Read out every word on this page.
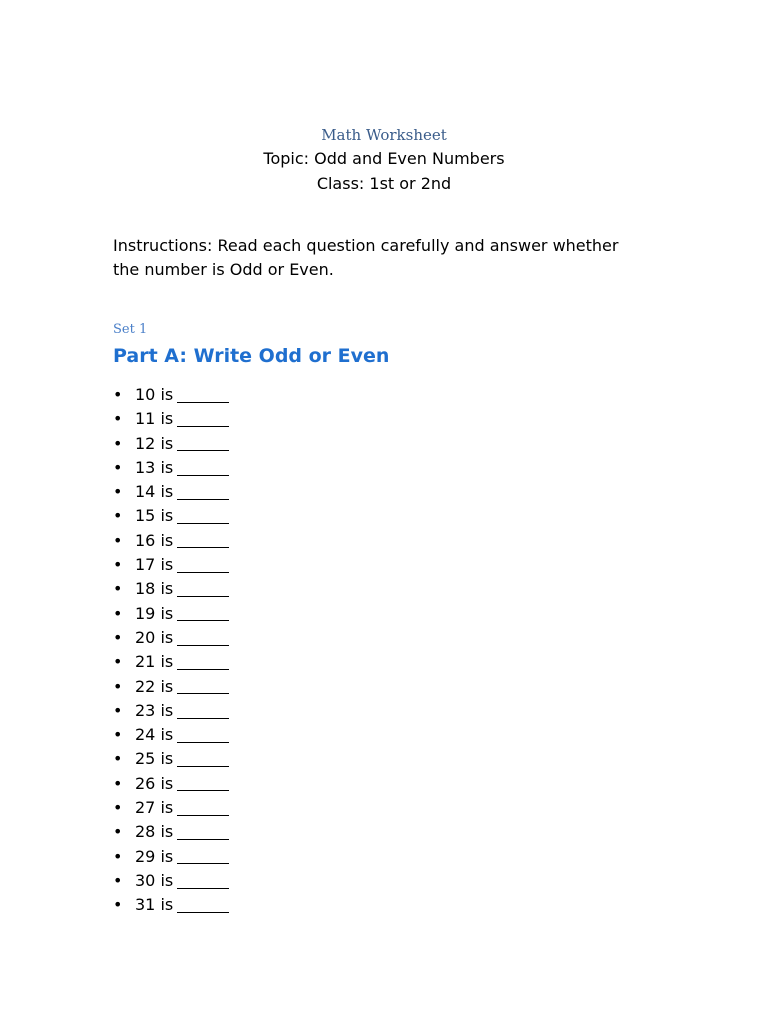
Math Worksheet
Topic: Odd and Even Numbers
Class: 1st or 2nd
Instructions: Read each question carefully and answer whether the number is Odd or Even.
Set 1
Part A: Write Odd or Even
• 10 is
• 11 is
• 12 is
• 13 is
• 14 is
• 15 is
• 16 is
• 17 is
• 18 is
• 19 is
• 20 is
• 21 is
• 22 is
• 23 is
• 24 is
• 25 is
• 26 is
• 27 is
• 28 is
• 29 is
• 30 is
• 31 is
